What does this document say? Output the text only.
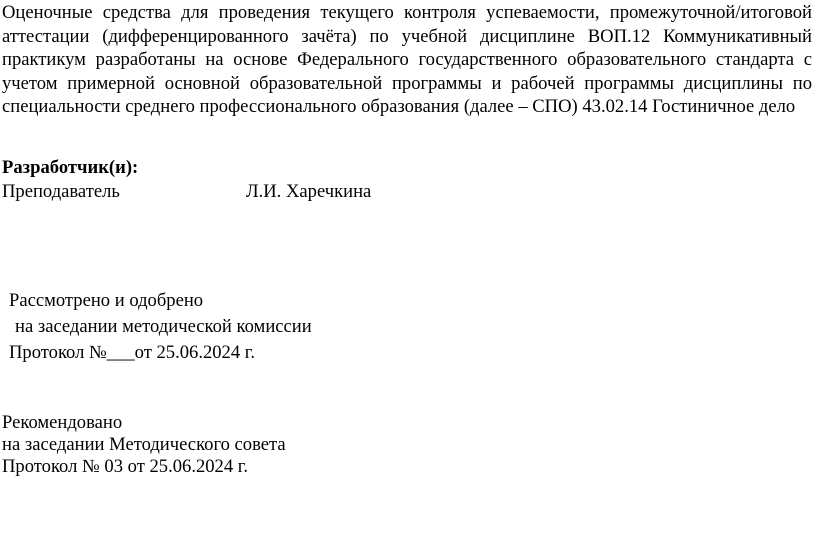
Оценочные средства для проведения текущего контроля успеваемости, промежуточной/итоговой
аттестации (дифференцированного зачёта) по учебной дисциплине ВОП.12 Коммуникативный
практикум разработаны на основе Федерального государственного образовательного стандарта с
учетом примерной основной образовательной программы и рабочей программы дисциплины по
специальности среднего профессионального образования (далее – СПО) 43.02.14 Гостиничное дело

Разработчик(и):

Преподаватель	Л.И. Харечкина

Рассмотрено и одобрено
на заседании методической комиссии
Протокол №___от 25.06.2024 г.
Рекомендовано
на заседании Методического совета
Протокол № 03 от 25.06.2024 г.
